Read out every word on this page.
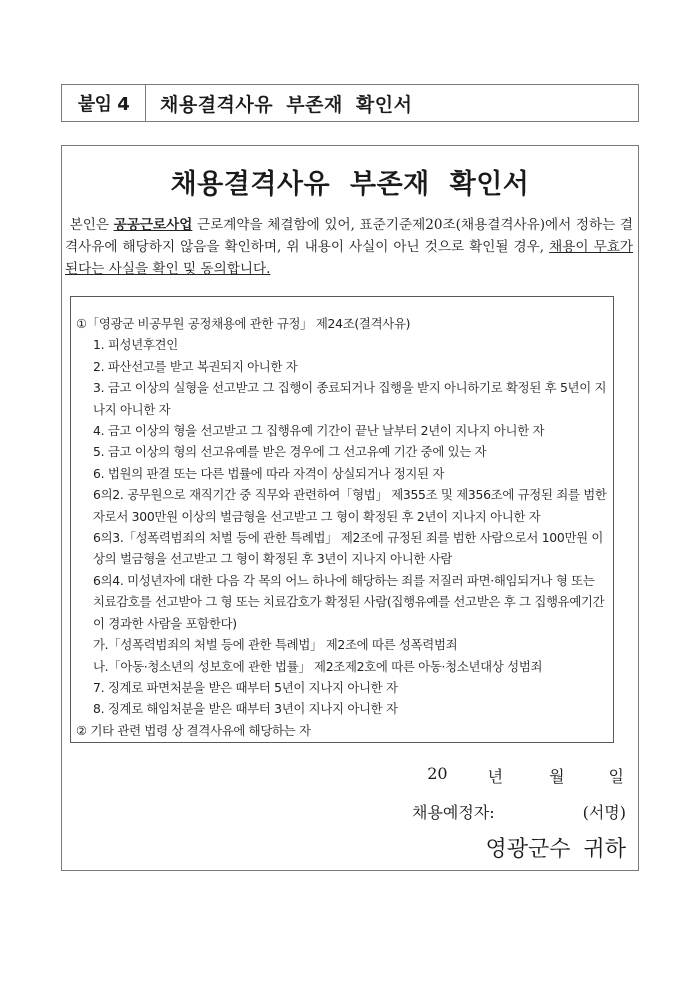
붙임 4	채용결격사유 부존재 확인서
채용결격사유 부존재 확인서
본인은 공공근로사업 근로계약을 체결함에 있어, 표준기준제20조(채용결격사유)에서 정하는 결격사유에 해당하지 않음을 확인하며, 위 내용이 사실이 아닌 것으로 확인될 경우, 채용이 무효가 된다는 사실을 확인 및 동의합니다.
①「영광군 비공무원 공정채용에 관한 규정」 제24조(결격사유)
1. 피성년후견인
2. 파산선고를 받고 복권되지 아니한 자
3. 금고 이상의 실형을 선고받고 그 집행이 종료되거나 집행을 받지 아니하기로 확정된 후 5년이 지나지 아니한 자
4. 금고 이상의 형을 선고받고 그 집행유예 기간이 끝난 날부터 2년이 지나지 아니한 자
5. 금고 이상의 형의 선고유예를 받은 경우에 그 선고유예 기간 중에 있는 자
6. 법원의 판결 또는 다른 법률에 따라 자격이 상실되거나 정지된 자
6의2. 공무원으로 재직기간 중 직무와 관련하여「형법」 제355조 및 제356조에 규정된 죄를 범한 자로서 300만원 이상의 벌금형을 선고받고 그 형이 확정된 후 2년이 지나지 아니한 자
6의3.「성폭력범죄의 처벌 등에 관한 특례법」 제2조에 규정된 죄를 범한 사람으로서 100만원 이상의 벌금형을 선고받고 그 형이 확정된 후 3년이 지나지 아니한 사람
6의4. 미성년자에 대한 다음 각 목의 어느 하나에 해당하는 죄를 저질러 파면·해임되거나 형 또는 치료감호를 선고받아 그 형 또는 치료감호가 확정된 사람(집행유예를 선고받은 후 그 집행유예기간이 경과한 사람을 포함한다)
가.「성폭력범죄의 처벌 등에 관한 특례법」 제2조에 따른 성폭력범죄
나.「아동·청소년의 성보호에 관한 법률」 제2조제2호에 따른 아동·청소년대상 성범죄
7. 징계로 파면처분을 받은 때부터 5년이 지나지 아니한 자
8. 징계로 해임처분을 받은 때부터 3년이 지나지 아니한 자
② 기타 관련 법령 상 결격사유에 해당하는 자
20	년	월	일
채용예정자:	(서명)
영광군수 귀하
